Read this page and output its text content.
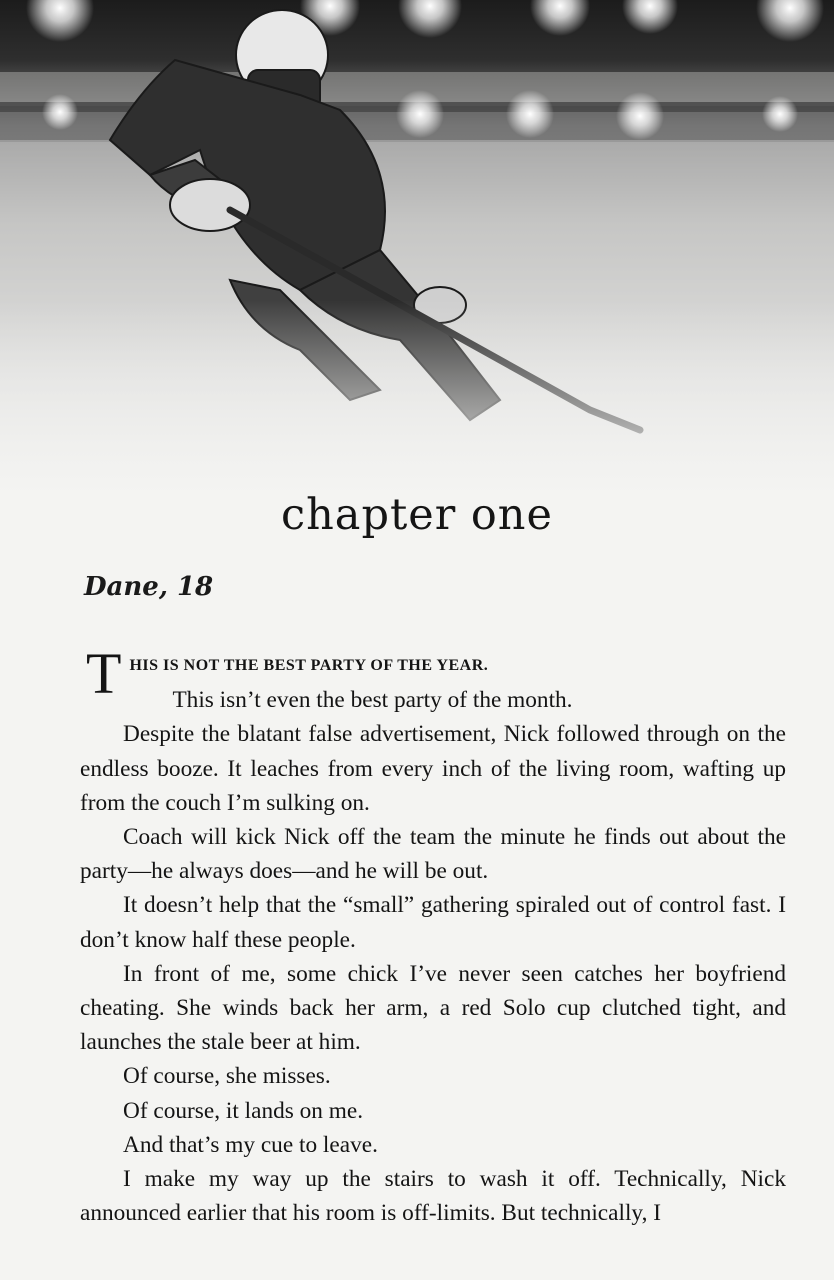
chapter one
Dane, 18

THIS IS NOT THE BEST PARTY OF THE YEAR.

This isn’t even the best party of the month.

Despite the blatant false advertisement, Nick followed through on the endless booze. It leaches from every inch of the living room, wafting up from the couch I’m sulking on.

Coach will kick Nick off the team the minute he finds out about the party—he always does—and he will be out.

It doesn’t help that the “small” gathering spiraled out of control fast. I don’t know half these people.

In front of me, some chick I’ve never seen catches her boyfriend cheating. She winds back her arm, a red Solo cup clutched tight, and launches the stale beer at him.

Of course, she misses.

Of course, it lands on me.

And that’s my cue to leave.

I make my way up the stairs to wash it off. Technically, Nick announced earlier that his room is off-limits. But technically, I
